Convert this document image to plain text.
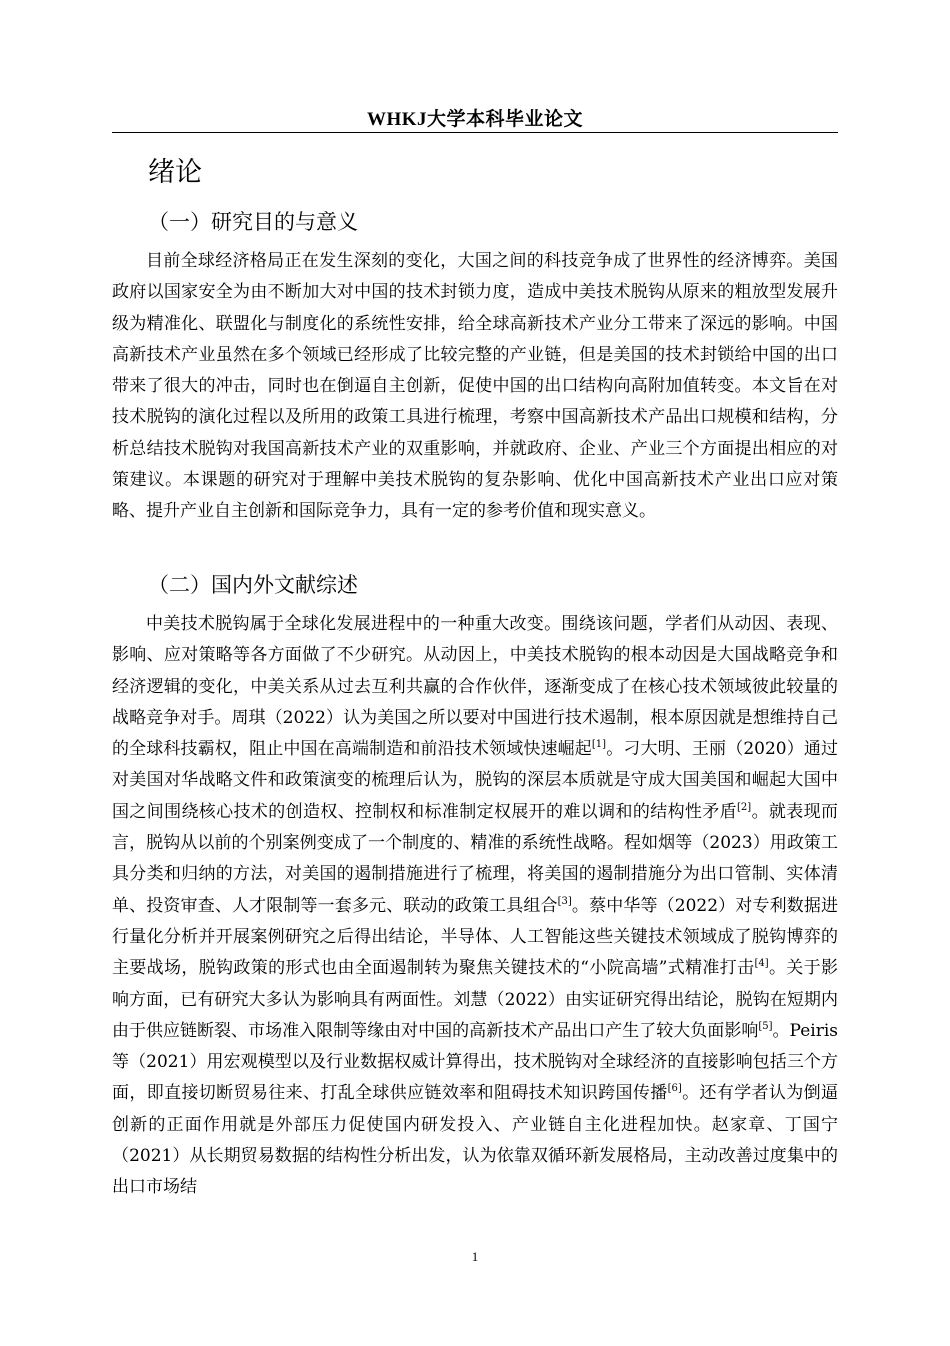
WHKJ大学本科毕业论文
绪论
（一）研究目的与意义

目前全球经济格局正在发生深刻的变化，大国之间的科技竞争成了世界性的经济博弈。美国政府以国家安全为由不断加大对中国的技术封锁力度，造成中美技术脱钩从原来的粗放型发展升级为精准化、联盟化与制度化的系统性安排，给全球高新技术产业分工带来了深远的影响。中国高新技术产业虽然在多个领域已经形成了比较完整的产业链，但是美国的技术封锁给中国的出口带来了很大的冲击，同时也在倒逼自主创新，促使中国的出口结构向高附加值转变。本文旨在对技术脱钩的演化过程以及所用的政策工具进行梳理，考察中国高新技术产品出口规模和结构，分析总结技术脱钩对我国高新技术产业的双重影响，并就政府、企业、产业三个方面提出相应的对策建议。本课题的研究对于理解中美技术脱钩的复杂影响、优化中国高新技术产业出口应对策略、提升产业自主创新和国际竞争力，具有一定的参考价值和现实意义。

（二）国内外文献综述

中美技术脱钩属于全球化发展进程中的一种重大改变。围绕该问题，学者们从动因、表现、影响、应对策略等各方面做了不少研究。从动因上，中美技术脱钩的根本动因是大国战略竞争和经济逻辑的变化，中美关系从过去互利共赢的合作伙伴，逐渐变成了在核心技术领域彼此较量的战略竞争对手。周琪（2022）认为美国之所以要对中国进行技术遏制，根本原因就是想维持自己的全球科技霸权，阻止中国在高端制造和前沿技术领域快速崛起[1]。刁大明、王丽（2020）通过对美国对华战略文件和政策演变的梳理后认为，脱钩的深层本质就是守成大国美国和崛起大国中国之间围绕核心技术的创造权、控制权和标准制定权展开的难以调和的结构性矛盾[2]。就表现而言，脱钩从以前的个别案例变成了一个制度的、精准的系统性战略。程如烟等（2023）用政策工具分类和归纳的方法，对美国的遏制措施进行了梳理，将美国的遏制措施分为出口管制、实体清单、投资审查、人才限制等一套多元、联动的政策工具组合[3]。蔡中华等（2022）对专利数据进行量化分析并开展案例研究之后得出结论，半导体、人工智能这些关键技术领域成了脱钩博弈的主要战场，脱钩政策的形式也由全面遏制转为聚焦关键技术的“小院高墙”式精准打击[4]。关于影响方面，已有研究大多认为影响具有两面性。刘慧（2022）由实证研究得出结论，脱钩在短期内由于供应链断裂、市场准入限制等缘由对中国的高新技术产品出口产生了较大负面影响[5]。Peiris 等（2021）用宏观模型以及行业数据权威计算得出，技术脱钩对全球经济的直接影响包括三个方面，即直接切断贸易往来、打乱全球供应链效率和阻碍技术知识跨国传播[6]。还有学者认为倒逼创新的正面作用就是外部压力促使国内研发投入、产业链自主化进程加快。赵家章、丁国宁（2021）从长期贸易数据的结构性分析出发，认为依靠双循环新发展格局，主动改善过度集中的出口市场结

1
